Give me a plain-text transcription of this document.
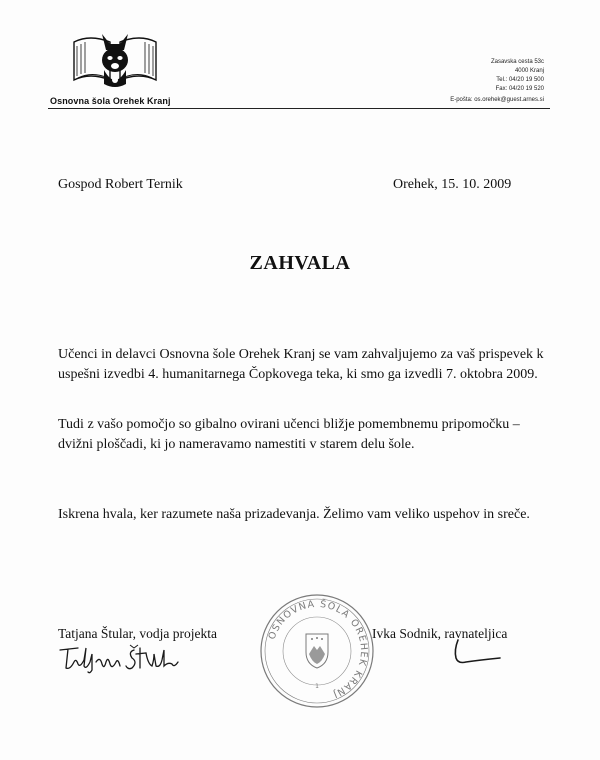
Osnovna šola Orehek Kranj
Zasavska cesta 53c
4000 Kranj
Tel.: 04/20 19 500
Fax: 04/20 19 520
E-pošta: os.orehek@guest.arnes.si
Gospod Robert Ternik	Orehek, 15. 10. 2009
ZAHVALA
Učenci in delavci Osnovna šole Orehek Kranj se vam zahvaljujemo za vaš prispevek k uspešni izvedbi 4. humanitarnega Čopkovega teka, ki smo ga izvedli 7. oktobra 2009.
Tudi z vašo pomočjo so gibalno ovirani učenci bližje pomembnemu pripomočku – dvižni ploščadi, ki jo nameravamo namestiti v starem delu šole.
Iskrena hvala, ker razumete naša prizadevanja. Želimo vam veliko uspehov in sreče.
Tatjana Štular, vodja projekta	Ivka Sodnik, ravnateljica
OSNOVNA ŠOLA OREHEK KRANJ
1
